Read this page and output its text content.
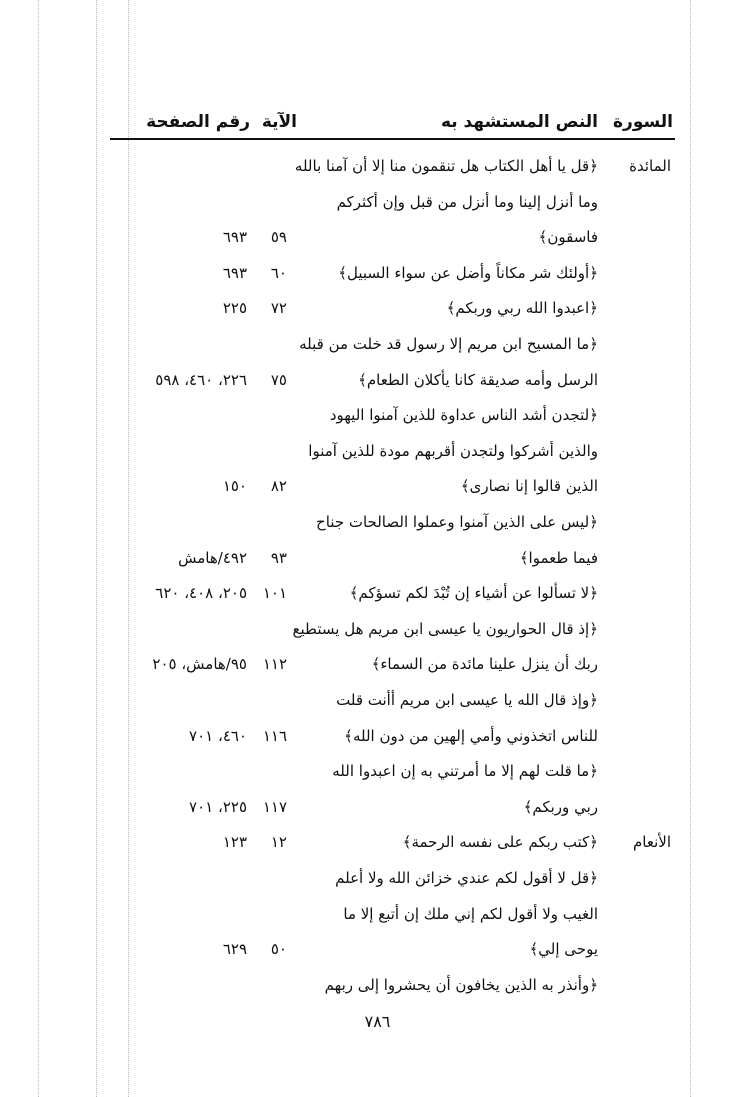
السورة
النص المستشهد به
الآية
رقم الصفحة
المائدة
﴿قل يا أهل الكتاب هل تنقمون منا إلا أن آمنا بالله
وما أنزل إلينا وما أنزل من قبل وإن أكثركم
فاسقون﴾
٥٩
٦٩٣
﴿أولئك شر مكاناً وأضل عن سواء السبيل﴾
٦٠
٦٩٣
﴿اعبدوا الله ربي وربكم﴾
٧٢
٢٢٥
﴿ما المسيح ابن مريم إلا رسول قد خلت من قبله
الرسل وأمه صديقة كانا يأكلان الطعام﴾
٧٥
٢٢٦، ٤٦٠، ٥٩٨
﴿لتجدن أشد الناس عداوة للذين آمنوا اليهود
والذين أشركوا ولتجدن أقربهم مودة للذين آمنوا
الذين قالوا إنا نصارى﴾
٨٢
١٥٠
﴿ليس على الذين آمنوا وعملوا الصالحات جناح
فيما طعموا﴾
٩٣
٤٩٢/هامش
﴿لا تسألوا عن أشياء إن تُبْدَ لكم تسؤكم﴾
١٠١
٢٠٥، ٤٠٨، ٦٢٠
﴿إذ قال الحواريون يا عيسى ابن مريم هل يستطيع
ربك أن ينزل علينا مائدة من السماء﴾
١١٢
٩٥/هامش، ٢٠٥
﴿وإذ قال الله يا عيسى ابن مريم أأنت قلت
للناس اتخذوني وأمي إلهين من دون الله﴾
١١٦
٤٦٠، ٧٠١
﴿ما قلت لهم إلا ما أمرتني به إن اعبدوا الله
ربي وربكم﴾
١١٧
٢٢٥، ٧٠١
الأنعام
﴿كتب ربكم على نفسه الرحمة﴾
١٢
١٢٣
﴿قل لا أقول لكم عندي خزائن الله ولا أعلم
الغيب ولا أقول لكم إني ملك إن أتبع إلا ما
يوحى إلي﴾
٥٠
٦٢٩
﴿وأنذر به الذين يخافون أن يحشروا إلى ربهم
٧٨٦
